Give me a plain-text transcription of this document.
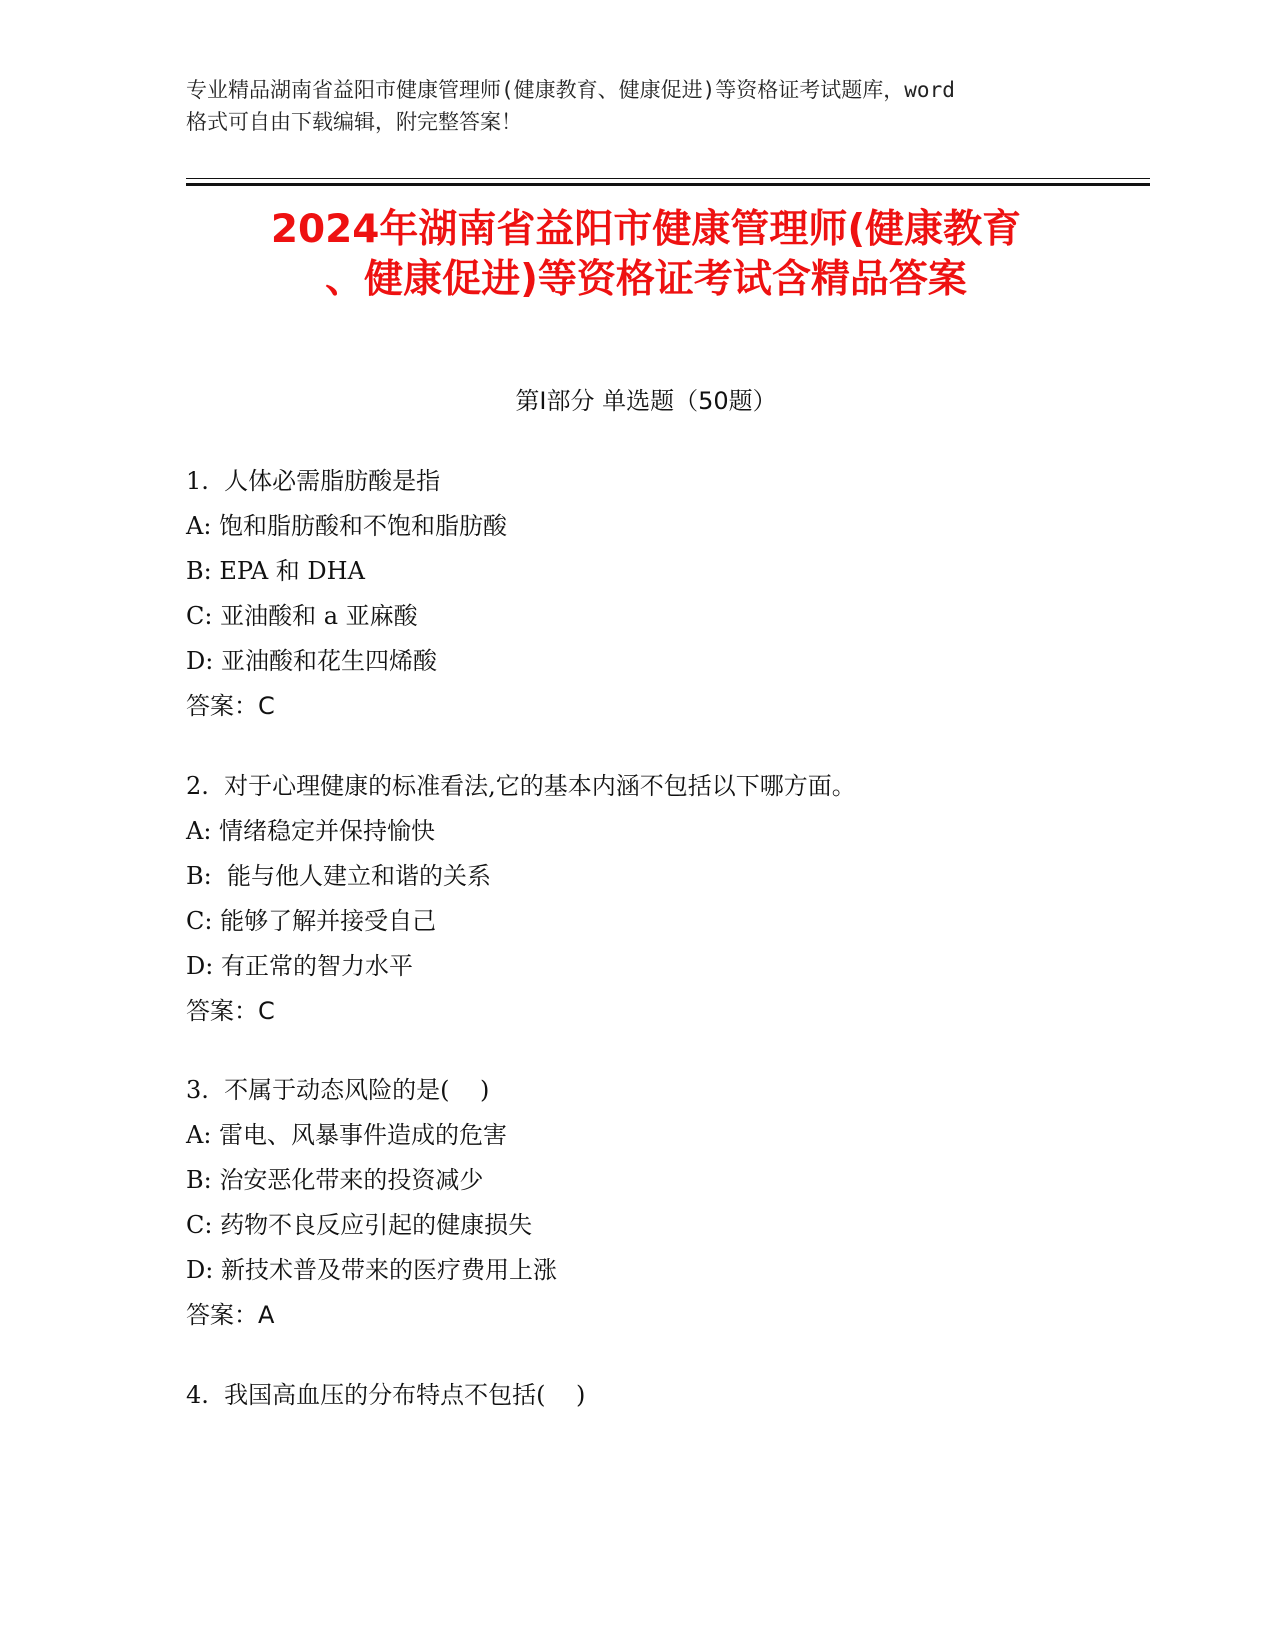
专业精品湖南省益阳市健康管理师(健康教育、健康促进)等资格证考试题库，word
格式可自由下载编辑，附完整答案！
2024年湖南省益阳市健康管理师(健康教育
、健康促进)等资格证考试含精品答案
第Ⅰ部分 单选题（50题）
1.  人体必需脂肪酸是指
A: 饱和脂肪酸和不饱和脂肪酸
B: EPA 和 DHA
C: 亚油酸和 a 亚麻酸
D: 亚油酸和花生四烯酸
答案：C
2.  对于心理健康的标准看法,它的基本内涵不包括以下哪方面。
A: 情绪稳定并保持愉快
B:  能与他人建立和谐的关系
C: 能够了解并接受自己
D: 有正常的智力水平
答案：C
3.  不属于动态风险的是(    )
A: 雷电、风暴事件造成的危害
B: 治安恶化带来的投资减少
C: 药物不良反应引起的健康损失
D: 新技术普及带来的医疗费用上涨
答案：A
4.  我国高血压的分布特点不包括(    )
